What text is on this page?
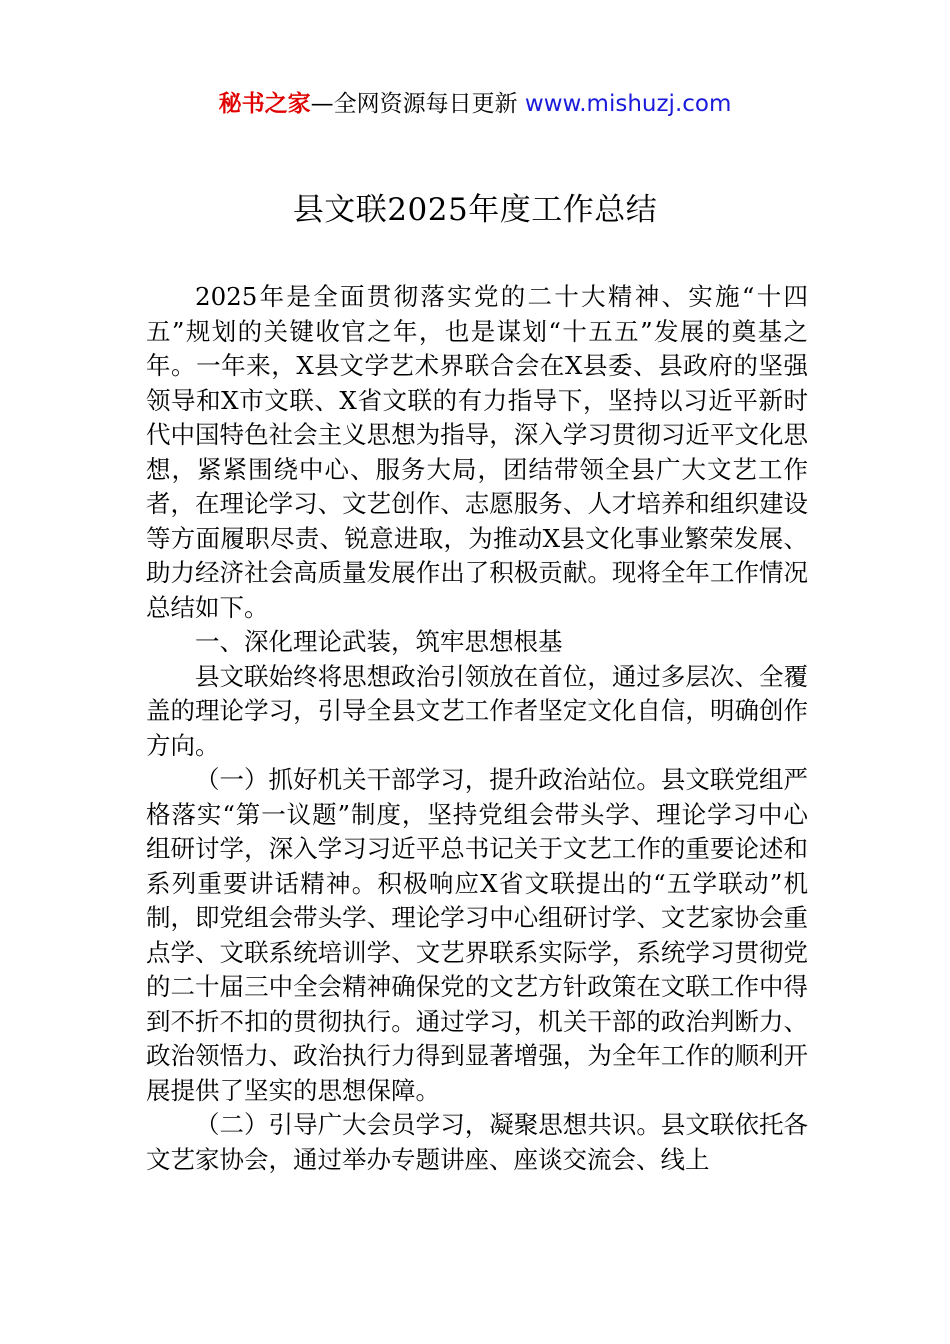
秘书之家—全网资源每日更新 www.mishuzj.com
县文联2025年度工作总结

2025年是全面贯彻落实党的二十大精神、实施“十四五”规划的关键收官之年，也是谋划“十五五”发展的奠基之年。一年来，X县文学艺术界联合会在X县委、县政府的坚强领导和X市文联、X省文联的有力指导下，坚持以习近平新时代中国特色社会主义思想为指导，深入学习贯彻习近平文化思想，紧紧围绕中心、服务大局，团结带领全县广大文艺工作者，在理论学习、文艺创作、志愿服务、人才培养和组织建设等方面履职尽责、锐意进取，为推动X县文化事业繁荣发展、助力经济社会高质量发展作出了积极贡献。现将全年工作情况总结如下。

一、深化理论武装，筑牢思想根基

县文联始终将思想政治引领放在首位，通过多层次、全覆盖的理论学习，引导全县文艺工作者坚定文化自信，明确创作方向。

（一）抓好机关干部学习，提升政治站位。县文联党组严格落实“第一议题”制度，坚持党组会带头学、理论学习中心组研讨学，深入学习习近平总书记关于文艺工作的重要论述和系列重要讲话精神。积极响应X省文联提出的“五学联动”机制，即党组会带头学、理论学习中心组研讨学、文艺家协会重点学、文联系统培训学、文艺界联系实际学，系统学习贯彻党的二十届三中全会精神确保党的文艺方针政策在文联工作中得到不折不扣的贯彻执行。通过学习，机关干部的政治判断力、政治领悟力、政治执行力得到显著增强，为全年工作的顺利开展提供了坚实的思想保障。

（二）引导广大会员学习，凝聚思想共识。县文联依托各文艺家协会，通过举办专题讲座、座谈交流会、线上
